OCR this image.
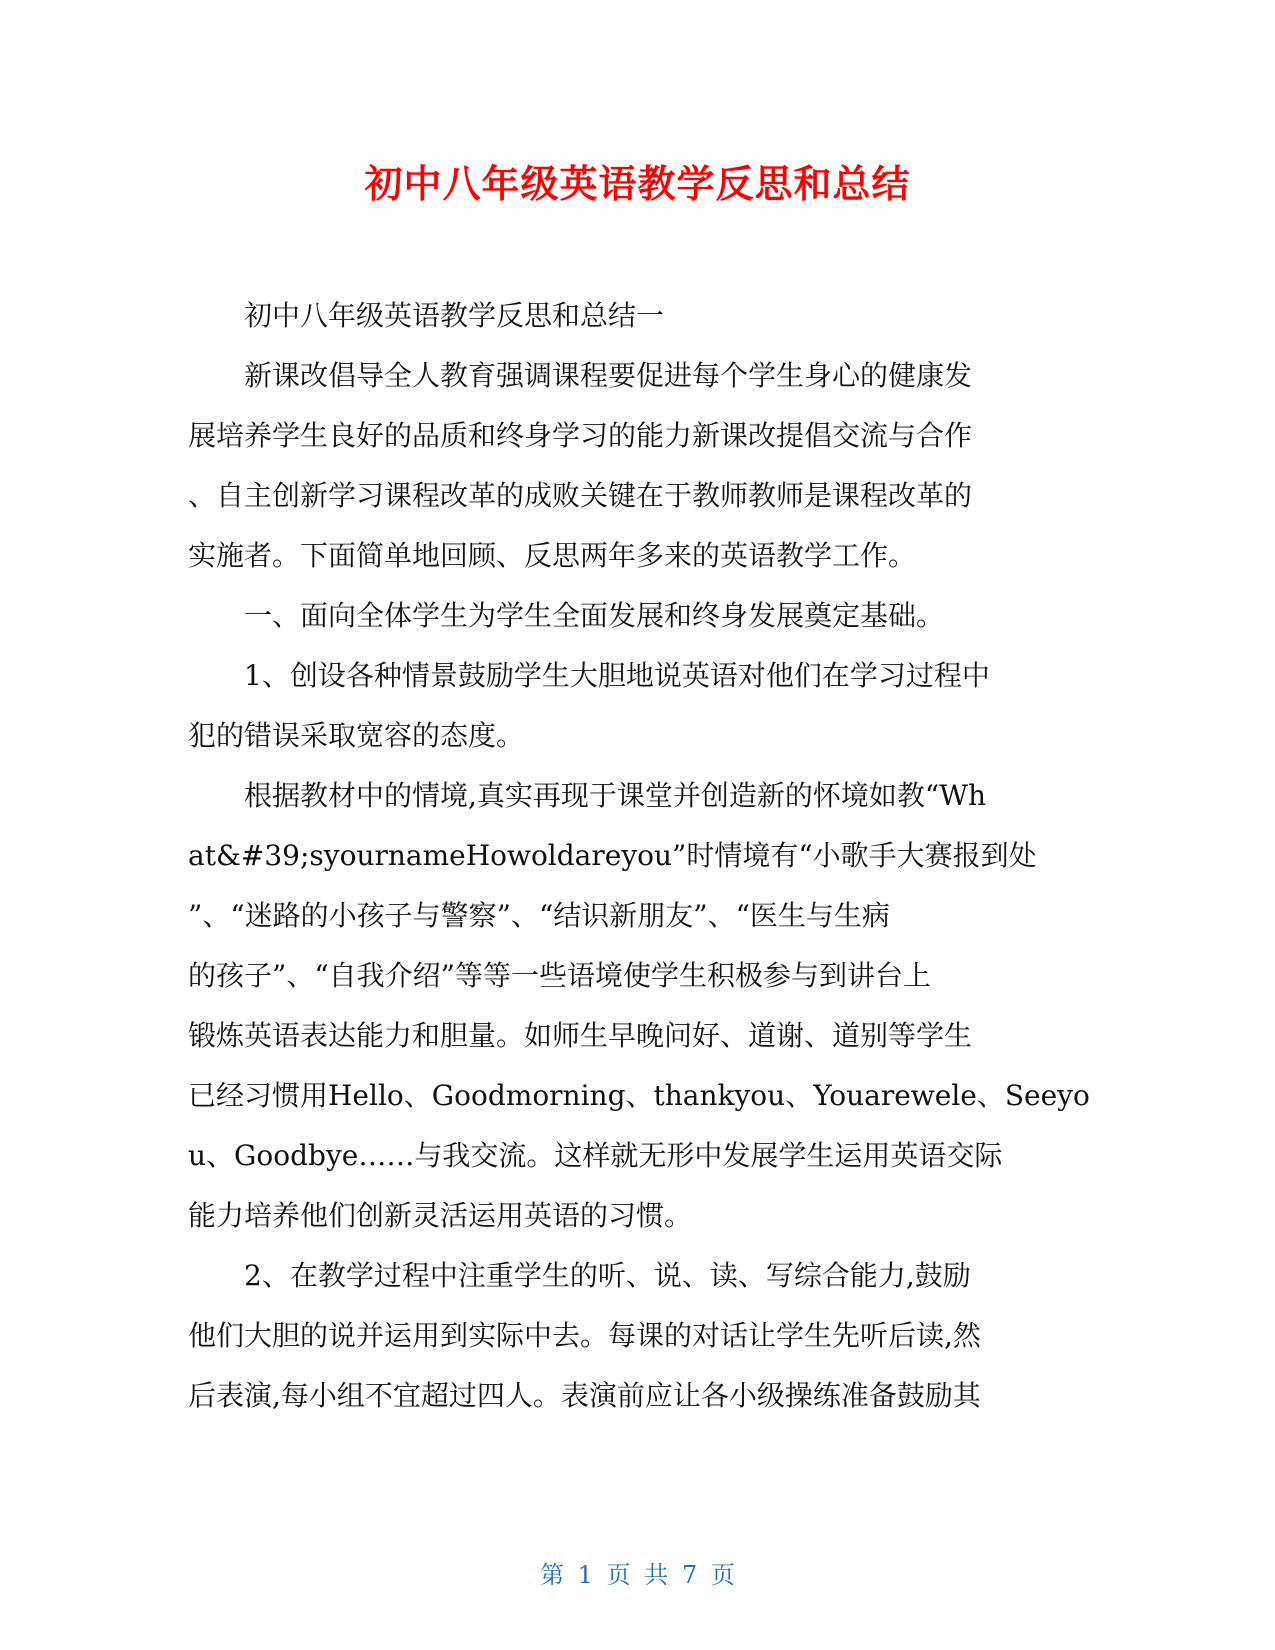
初中八年级英语教学反思和总结
　　初中八年级英语教学反思和总结一
　　新课改倡导全人教育强调课程要促进每个学生身心的健康发
展培养学生良好的品质和终身学习的能力新课改提倡交流与合作
、自主创新学习课程改革的成败关键在于教师教师是课程改革的
实施者。下面简单地回顾、反思两年多来的英语教学工作。
　　一、面向全体学生为学生全面发展和终身发展奠定基础。
　　1、创设各种情景鼓励学生大胆地说英语对他们在学习过程中
犯的错误采取宽容的态度。
　　根据教材中的情境,真实再现于课堂并创造新的怀境如教“Wh
at&#39;syournameHowoldareyou”时情境有“小歌手大赛报到处
”、“迷路的小孩子与警察”、“结识新朋友”、“医生与生病
的孩子”、“自我介绍”等等一些语境使学生积极参与到讲台上
锻炼英语表达能力和胆量。如师生早晚问好、道谢、道别等学生
已经习惯用Hello、Goodmorning、thankyou、Youarewele、Seeyo
u、Goodbye……与我交流。这样就无形中发展学生运用英语交际
能力培养他们创新灵活运用英语的习惯。
　　2、在教学过程中注重学生的听、说、读、写综合能力,鼓励
他们大胆的说并运用到实际中去。每课的对话让学生先听后读,然
后表演,每小组不宜超过四人。表演前应让各小级操练准备鼓励其
第 1 页 共 7 页
